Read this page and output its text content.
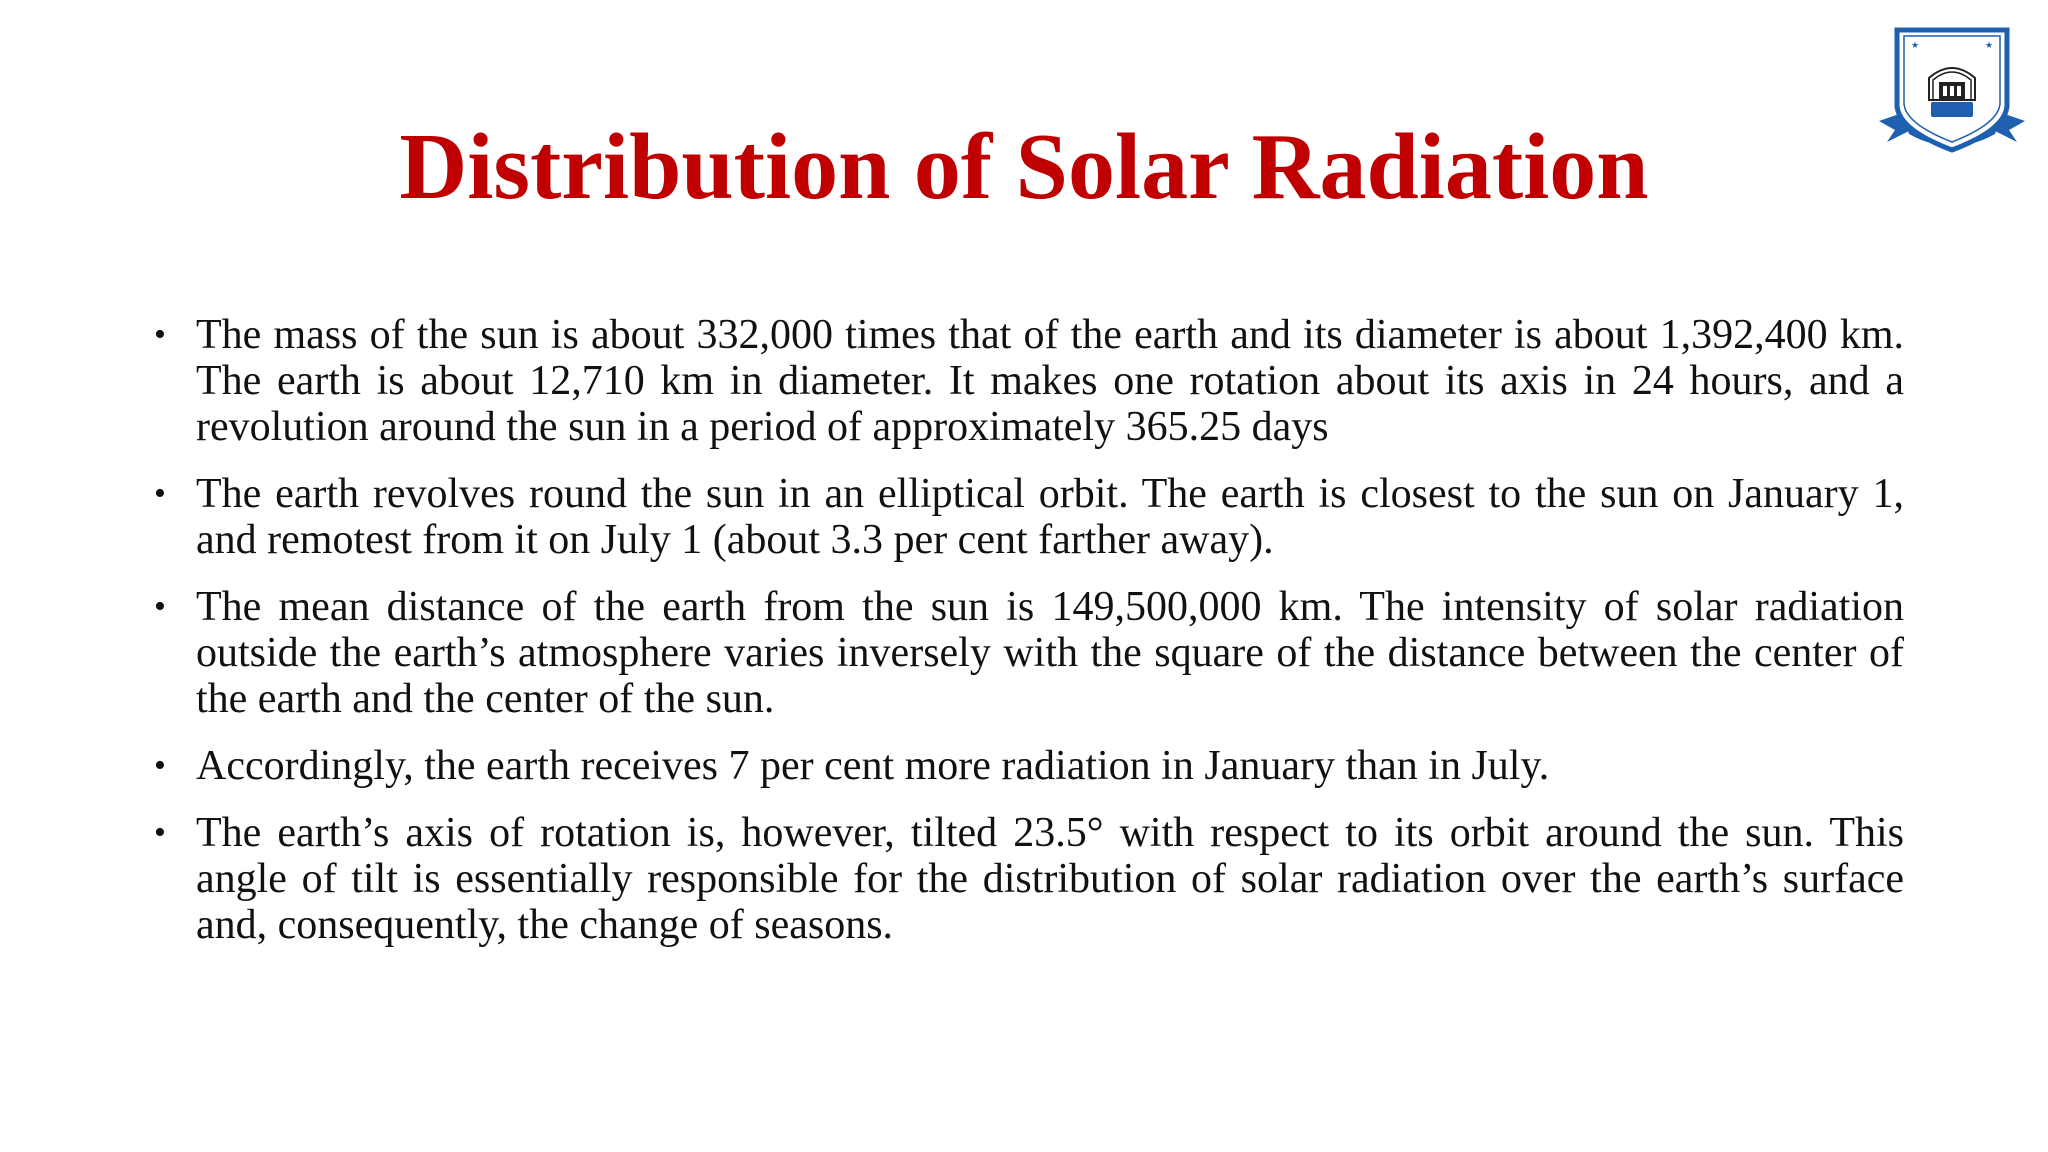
★	★
Distribution of Solar Radiation
• The mass of the sun is about 332,000 times that of the earth and its diameter is about 1,392,400 km. The earth is about 12,710 km in diameter. It makes one rotation about its axis in 24 hours, and a revolution around the sun in a period of approximately 365.25 days
• The earth revolves round the sun in an elliptical orbit. The earth is closest to the sun on January 1, and remotest from it on July 1 (about 3.3 per cent farther away).
• The mean distance of the earth from the sun is 149,500,000 km. The intensity of solar radiation outside the earth’s atmosphere varies inversely with the square of the distance between the center of the earth and the center of the sun.
• Accordingly, the earth receives 7 per cent more radiation in January than in July.
• The earth’s axis of rotation is, however, tilted 23.5° with respect to its orbit around the sun. This angle of tilt is essentially responsible for the distribution of solar radiation over the earth’s surface and, consequently, the change of seasons.
